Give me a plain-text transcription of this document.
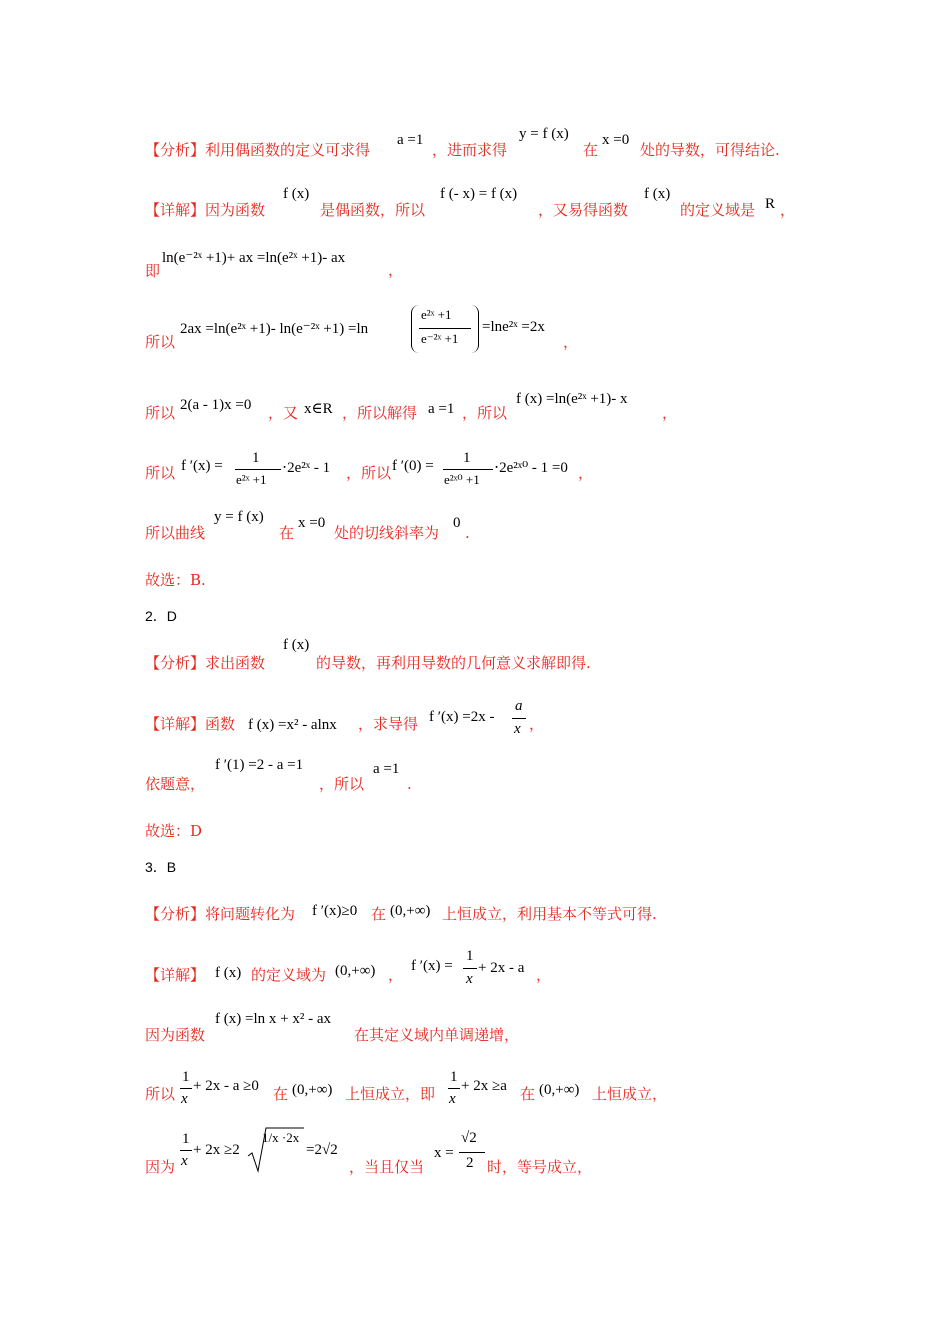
【分析】利用偶函数的定义可求得
a =1
，进而求得
y = f (x)
在
x =0
处的导数，可得结论.
【详解】因为函数
f (x)
是偶函数，所以
f (- x) = f (x)
，又易得函数
f (x)
的定义域是 R ，
即
ln(e⁻²ˣ +1)+ ax =ln(e²ˣ +1)- ax
，
所以
2ax =ln(e²ˣ +1)- ln(e⁻²ˣ +1) =ln
e²ˣ +1
e⁻²ˣ +1
=lne²ˣ =2x
，
所以 2(a - 1)x =0 ，又 x∈R ，所以解得 a =1 ，所以
f (x) =ln(e²ˣ +1)- x
，
所以 f ′(x) = 1
e²ˣ +1
⋅2e²ˣ - 1 ，所以 f ′(0) = 1
e²ˣ⁰ +1
⋅2e²ˣ⁰ - 1 =0 ，
所以曲线
y = f (x)
在
x =0
处的切线斜率为
0
.
故选：B.
2．D
【分析】求出函数
f (x)
的导数，再利用导数的几何意义求解即得.
【详解】函数 f (x) =x² - alnx ，求导得 f ′(x) =2x -
a
x ，
依题意，
f ′(1) =2 - a =1
，所以
a =1
.
故选：D
3．B
【分析】将问题转化为 f ′(x)≥0 在 (0,+∞) 上恒成立，利用基本不等式可得.
【详解】 f (x) 的定义域为 (0,+∞) ， f ′(x) =
1
x
+ 2x - a ，
因为函数
f (x) =ln x + x² - ax
在其定义域内单调递增，
所以
1
x
+ 2x - a ≥0 在 (0,+∞) 上恒成立，即
1
x
+ 2x ≥a 在 (0,+∞) 上恒成立，
因为
1
x
+ 2x ≥2
1/x ·2x
=2√2
，当且仅当
x =
√2
2 时，等号成立，
